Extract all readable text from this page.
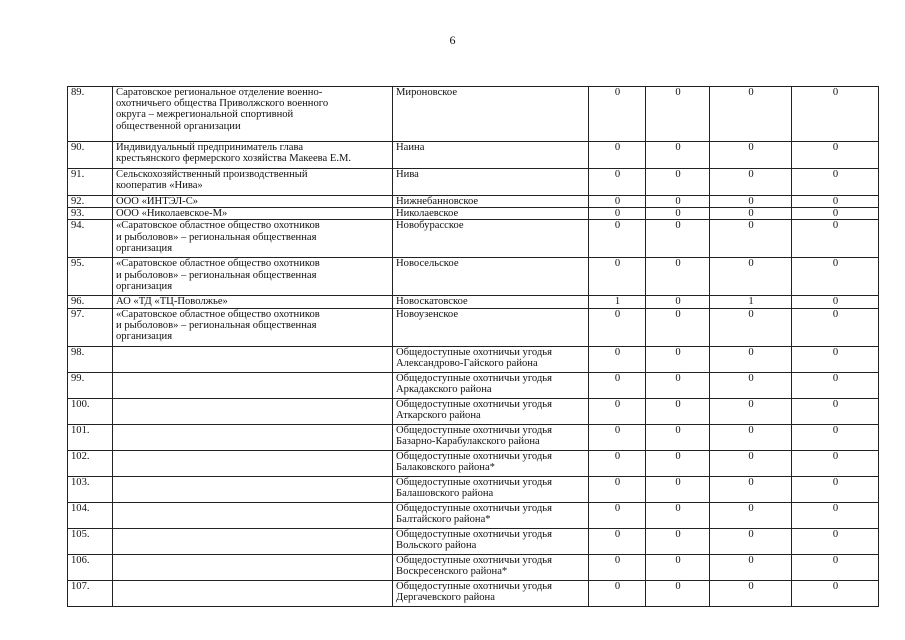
6
89.	Саратовское региональное отделение военно-
охотничьего общества Приволжского военного
округа – межрегиональной спортивной
общественной организации	Мироновское	0	0	0	0
90.	Индивидуальный предприниматель глава
крестьянского фермерского хозяйства Макеева Е.М.	Наина	0	0	0	0
91.	Сельскохозяйственный производственный
кооператив «Нива»	Нива	0	0	0	0
92.	ООО «ИНТЭЛ-С»	Нижнебанновское	0	0	0	0
93.	ООО «Николаевское-М»	Николаевское	0	0	0	0
94.	«Саратовское областное общество охотников
и рыболовов» – региональная общественная
организация	Новобурасское	0	0	0	0
95.	«Саратовское областное общество охотников
и рыболовов» – региональная общественная
организация	Новосельское	0	0	0	0
96.	АО «ТД «ТЦ-Поволжье»	Новоскатовское	1	0	1	0
97.	«Саратовское областное общество охотников
и рыболовов» – региональная общественная
организация	Новоузенское	0	0	0	0
98.		Общедоступные охотничьи угодья
Александрово-Гайского района	0	0	0	0
99.		Общедоступные охотничьи угодья
Аркадакского района	0	0	0	0
100.		Общедоступные охотничьи угодья
Аткарского района	0	0	0	0
101.		Общедоступные охотничьи угодья
Базарно-Карабулакского района	0	0	0	0
102.		Общедоступные охотничьи угодья
Балаковского района*	0	0	0	0
103.		Общедоступные охотничьи угодья
Балашовского района	0	0	0	0
104.		Общедоступные охотничьи угодья
Балтайского района*	0	0	0	0
105.		Общедоступные охотничьи угодья
Вольского района	0	0	0	0
106.		Общедоступные охотничьи угодья
Воскресенского района*	0	0	0	0
107.		Общедоступные охотничьи угодья
Дергачевского района	0	0	0	0
